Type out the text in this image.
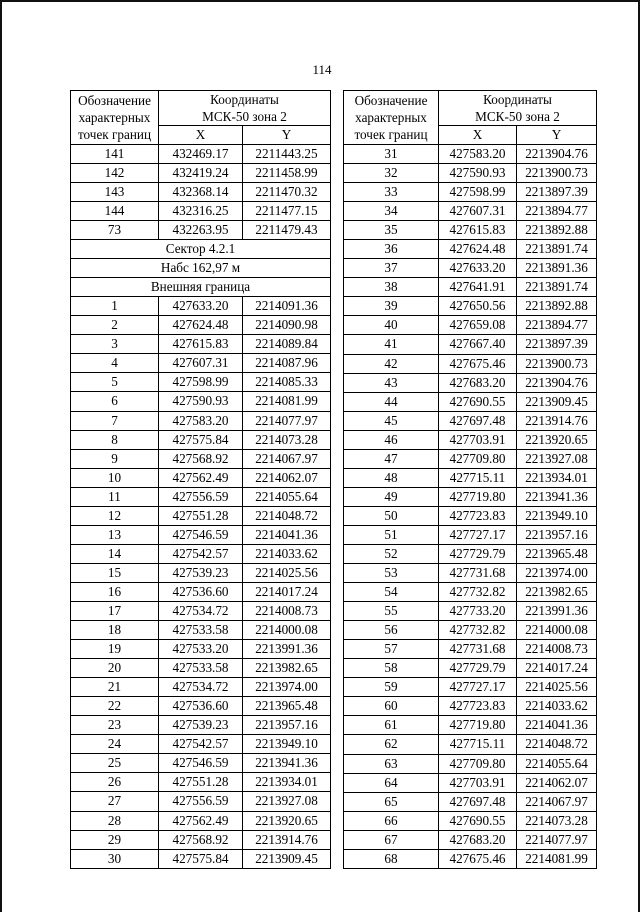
114
Обозначение
характерных
точек границ	Координаты
МСК-50 зона 2	
	X	Y
141	432469.17	2211443.25
142	432419.24	2211458.99
143	432368.14	2211470.32
144	432316.25	2211477.15
73	432263.95	2211479.43
Сектор 4.2.1		
Набс 162,97 м		
Внешняя граница		
1	427633.20	2214091.36
2	427624.48	2214090.98
3	427615.83	2214089.84
4	427607.31	2214087.96
5	427598.99	2214085.33
6	427590.93	2214081.99
7	427583.20	2214077.97
8	427575.84	2214073.28
9	427568.92	2214067.97
10	427562.49	2214062.07
11	427556.59	2214055.64
12	427551.28	2214048.72
13	427546.59	2214041.36
14	427542.57	2214033.62
15	427539.23	2214025.56
16	427536.60	2214017.24
17	427534.72	2214008.73
18	427533.58	2214000.08
19	427533.20	2213991.36
20	427533.58	2213982.65
21	427534.72	2213974.00
22	427536.60	2213965.48
23	427539.23	2213957.16
24	427542.57	2213949.10
25	427546.59	2213941.36
26	427551.28	2213934.01
27	427556.59	2213927.08
28	427562.49	2213920.65
29	427568.92	2213914.76
30	427575.84	2213909.45
Обозначение
характерных
точек границ	Координаты
МСК-50 зона 2	
	X	Y
31	427583.20	2213904.76
32	427590.93	2213900.73
33	427598.99	2213897.39
34	427607.31	2213894.77
35	427615.83	2213892.88
36	427624.48	2213891.74
37	427633.20	2213891.36
38	427641.91	2213891.74
39	427650.56	2213892.88
40	427659.08	2213894.77
41	427667.40	2213897.39
42	427675.46	2213900.73
43	427683.20	2213904.76
44	427690.55	2213909.45
45	427697.48	2213914.76
46	427703.91	2213920.65
47	427709.80	2213927.08
48	427715.11	2213934.01
49	427719.80	2213941.36
50	427723.83	2213949.10
51	427727.17	2213957.16
52	427729.79	2213965.48
53	427731.68	2213974.00
54	427732.82	2213982.65
55	427733.20	2213991.36
56	427732.82	2214000.08
57	427731.68	2214008.73
58	427729.79	2214017.24
59	427727.17	2214025.56
60	427723.83	2214033.62
61	427719.80	2214041.36
62	427715.11	2214048.72
63	427709.80	2214055.64
64	427703.91	2214062.07
65	427697.48	2214067.97
66	427690.55	2214073.28
67	427683.20	2214077.97
68	427675.46	2214081.99
